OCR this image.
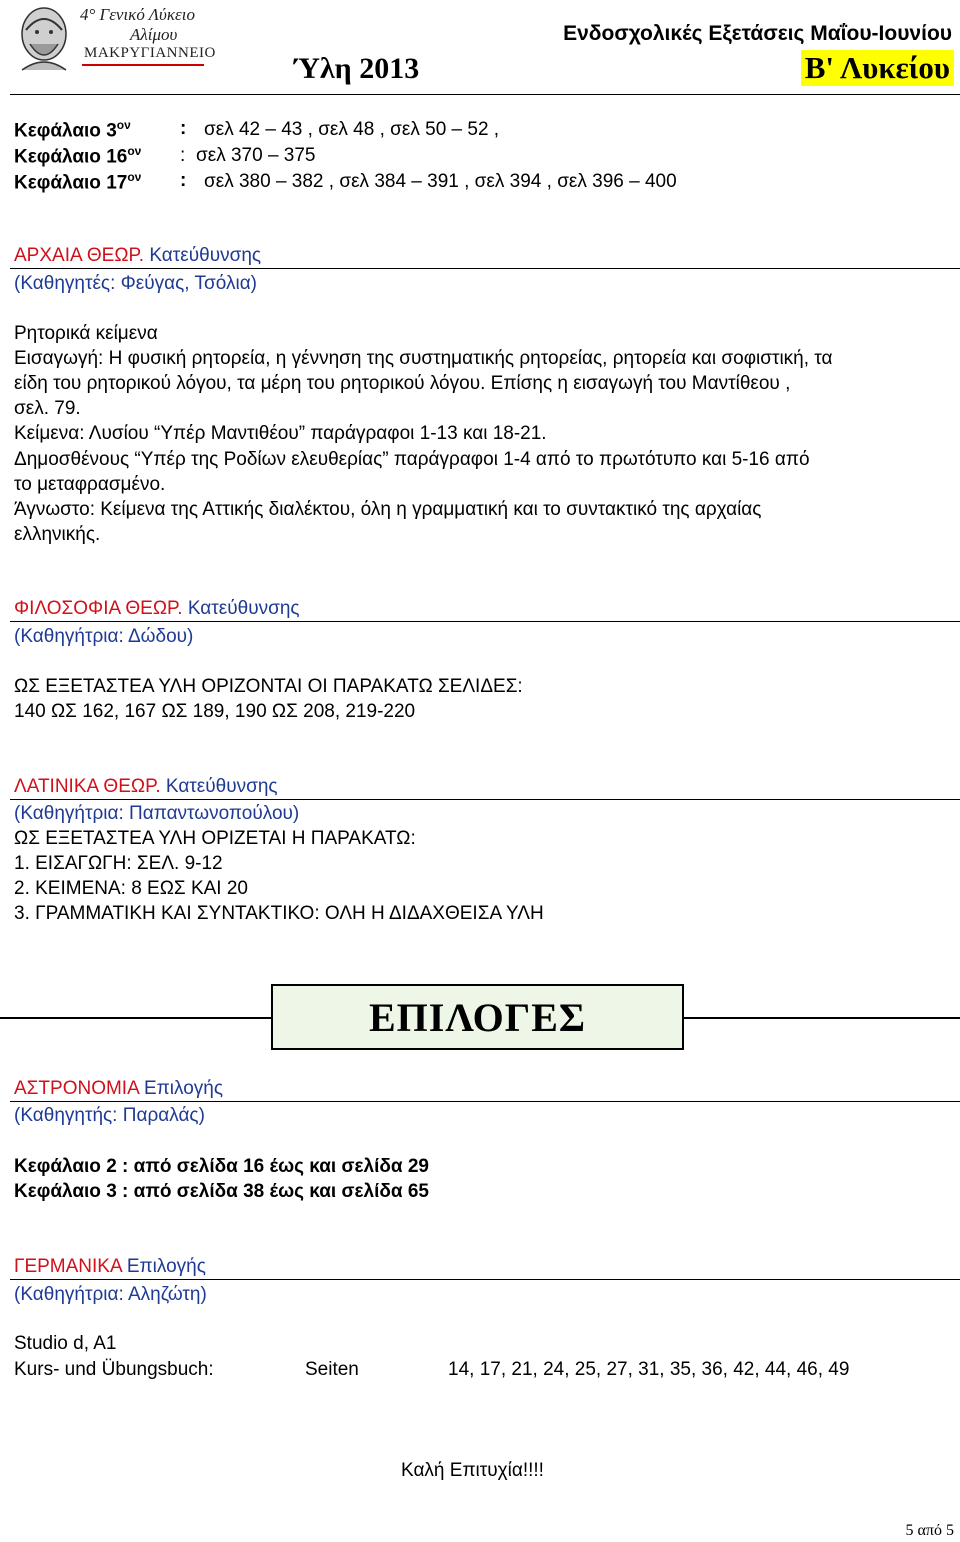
4° Γενικό Λύκειο
Αλίμου
ΜΑΚΡΥΓΙΑΝΝΕΙΟ
Ενδοσχολικές Εξετάσεις Μαΐου-Ιουνίου
Ύλη 2013	Β' Λυκείου
Κεφάλαιο $3^{o\nu}$	: σελ 42 – 43 , σελ 48 , σελ 50 – 52 ,
Κεφάλαιο $16^{o\nu}$ : σελ 370 – 375
Κεφάλαιο $17^{o\nu}$ : σελ 380 – 382 , σελ 384 – 391 , σελ 394 , σελ 396 – 400
ΑΡΧΑΙΑ ΘΕΩΡ. Κατεύθυνσης
(Καθηγητές: Φεύγας, Τσόλια)
Ρητορικά κείμενα
Εισαγωγή: Η φυσική ρητορεία, η γέννηση της συστηματικής ρητορείας, ρητορεία και σοφιστική, τα
είδη του ρητορικού λόγου, τα μέρη του ρητορικού λόγου. Επίσης η εισαγωγή του Μαντίθεου ,
σελ. 79.
Κείμενα: Λυσίου “Υπέρ Μαντιθέου” παράγραφοι 1-13 και 18-21.
Δημοσθένους “Υπέρ της Ροδίων ελευθερίας” παράγραφοι 1-4 από το πρωτότυπο και 5-16 από
το μεταφρασμένο.
Άγνωστο: Κείμενα της Αττικής διαλέκτου, όλη η γραμματική και το συντακτικό της αρχαίας
ελληνικής.
ΦΙΛΟΣΟΦΙΑ ΘΕΩΡ. Κατεύθυνσης
(Καθηγήτρια: Δώδου)
ΩΣ ΕΞΕΤΑΣΤΕΑ ΥΛΗ ΟΡΙΖΟΝΤΑΙ ΟΙ ΠΑΡΑΚΑΤΩ ΣΕΛΙΔΕΣ:
140 ΩΣ 162, 167 ΩΣ 189, 190 ΩΣ 208, 219-220
ΛΑΤΙΝΙΚΑ ΘΕΩΡ. Κατεύθυνσης
(Καθηγήτρια: Παπαντωνοπούλου)
ΩΣ ΕΞΕΤΑΣΤΕΑ ΥΛΗ ΟΡΙΖΕΤΑΙ Η ΠΑΡΑΚΑΤΩ:
1. ΕΙΣΑΓΩΓΗ: ΣΕΛ. 9-12
2. ΚΕΙΜΕΝΑ: 8 ΕΩΣ ΚΑΙ 20
3. ΓΡΑΜΜΑΤΙΚΗ ΚΑΙ ΣΥΝΤΑΚΤΙΚΟ: ΟΛΗ Η ΔΙΔΑΧΘΕΙΣΑ ΥΛΗ
ΕΠΙΛΟΓΕΣ
ΑΣΤΡΟΝΟΜΙΑ Επιλογής
(Καθηγητής: Παραλάς)
Κεφάλαιο 2 : από σελίδα 16 έως και σελίδα 29
Κεφάλαιο 3 : από σελίδα 38 έως και σελίδα 65
ΓΕΡΜΑΝΙΚΑ Επιλογής
(Καθηγήτρια: Αληζώτη)
Studio d, A1
Kurs- und Übungsbuch:	Seiten	14, 17, 21, 24, 25, 27, 31, 35, 36, 42, 44, 46, 49
Καλή Επιτυχία!!!!
5 από 5
